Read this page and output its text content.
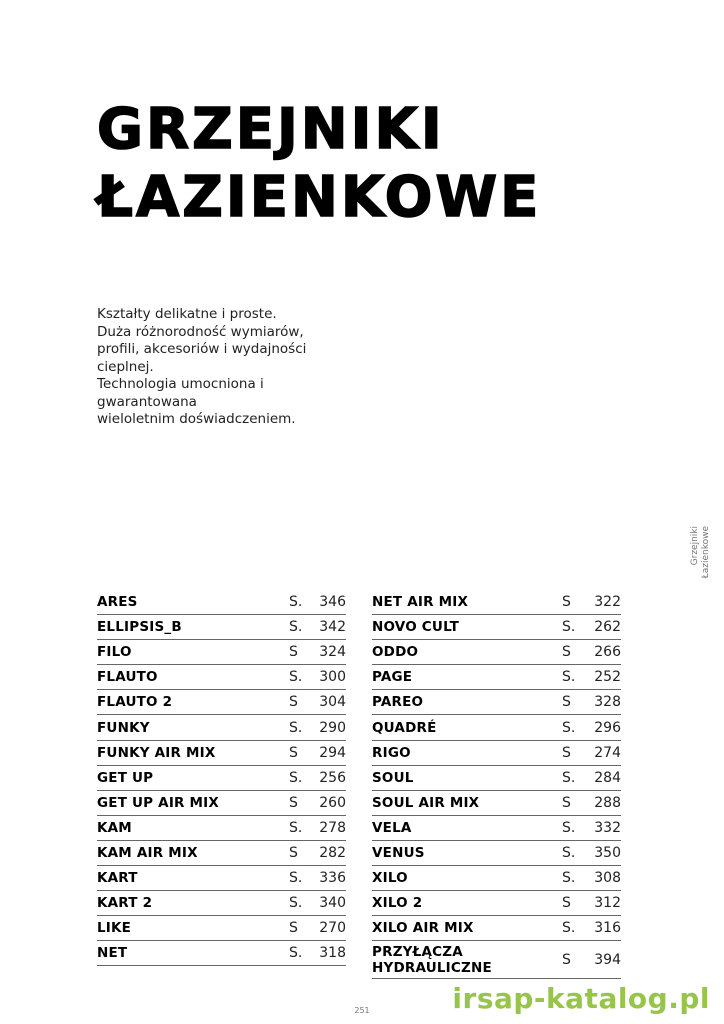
GRZEJNIKI
ŁAZIENKOWE
Kształty delikatne i proste.
Duża różnorodność wymiarów,
profili, akcesoriów i wydajności
cieplnej.
Technologia umocniona i
gwarantowana
wieloletnim doświadczeniem.
Grzejniki Łazienkowe
ARES	S. 346
ELLIPSIS_B	S. 342
FILO	S 324
FLAUTO	S. 300
FLAUTO 2	S 304
FUNKY	S. 290
FUNKY AIR MIX	S 294
GET UP	S. 256
GET UP AIR MIX	S 260
KAM	S. 278
KAM AIR MIX	S 282
KART	S. 336
KART 2	S. 340
LIKE	S 270
NET	S. 318
NET AIR MIX	S 322
NOVO CULT	S. 262
ODDO	S 266
PAGE	S. 252
PAREO	S 328
QUADRÉ	S. 296
RIGO	S 274
SOUL	S. 284
SOUL AIR MIX	S 288
VELA	S. 332
VENUS	S. 350
XILO	S. 308
XILO 2	S 312
XILO AIR MIX	S. 316
PRZYŁĄCZA
HYDRAULICZNE	S 394
251	irsap-katalog.pl
